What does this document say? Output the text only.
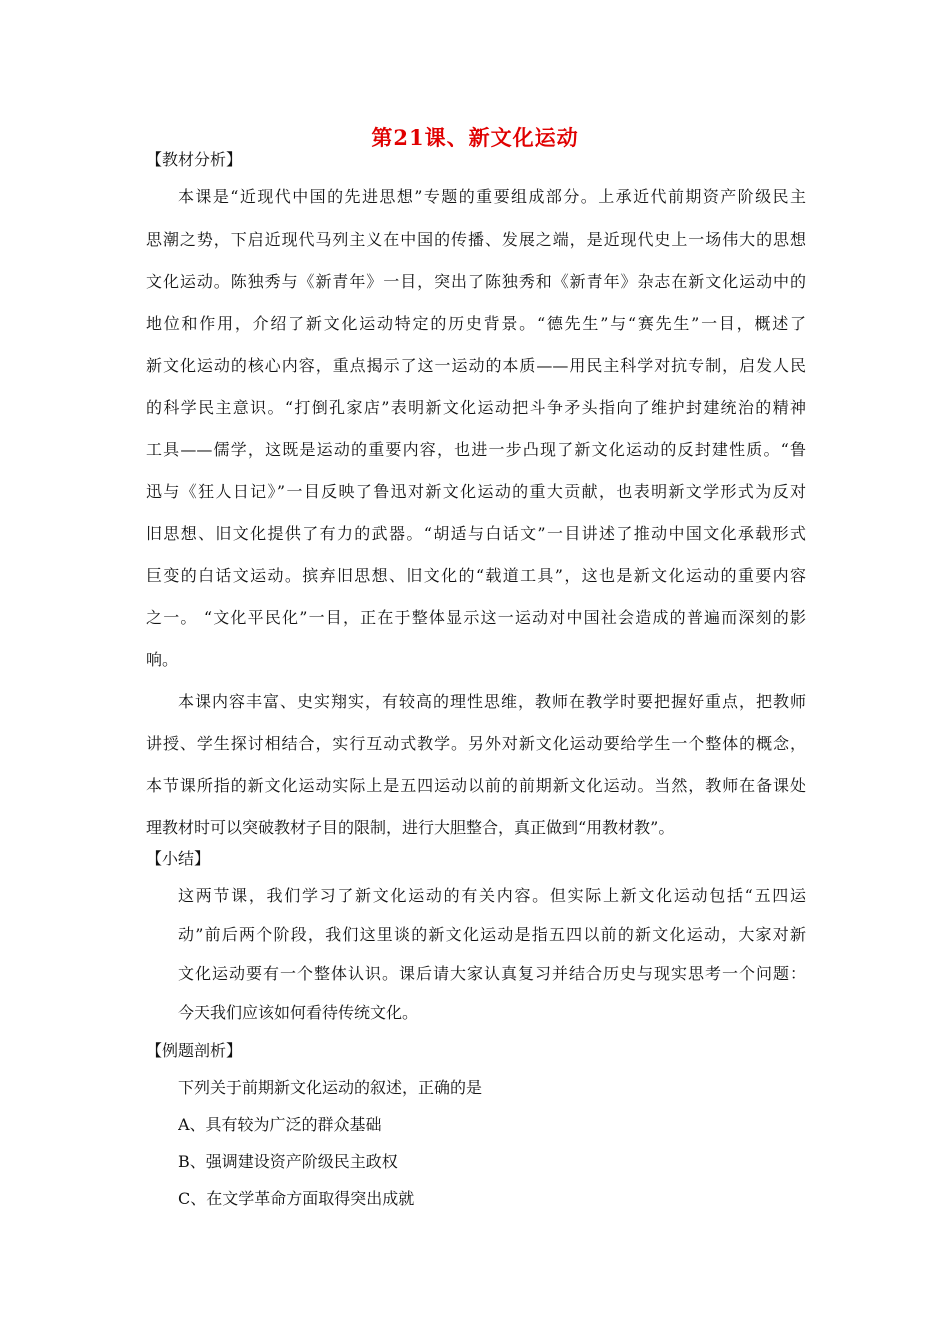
第21课、新文化运动
【教材分析】
本课是“近现代中国的先进思想”专题的重要组成部分。上承近代前期资产阶级民主
思潮之势，下启近现代马列主义在中国的传播、发展之端，是近现代史上一场伟大的思想
文化运动。陈独秀与《新青年》一目，突出了陈独秀和《新青年》杂志在新文化运动中的
地位和作用，介绍了新文化运动特定的历史背景。“德先生”与“赛先生”一目，概述了
新文化运动的核心内容，重点揭示了这一运动的本质——用民主科学对抗专制，启发人民
的科学民主意识。“打倒孔家店”表明新文化运动把斗争矛头指向了维护封建统治的精神
工具——儒学，这既是运动的重要内容，也进一步凸现了新文化运动的反封建性质。“鲁
迅与《狂人日记》”一目反映了鲁迅对新文化运动的重大贡献，也表明新文学形式为反对
旧思想、旧文化提供了有力的武器。“胡适与白话文”一目讲述了推动中国文化承载形式
巨变的白话文运动。摈弃旧思想、旧文化的“载道工具”，这也是新文化运动的重要内容
之一。 “文化平民化”一目，正在于整体显示这一运动对中国社会造成的普遍而深刻的影
响。
本课内容丰富、史实翔实，有较高的理性思维，教师在教学时要把握好重点，把教师
讲授、学生探讨相结合，实行互动式教学。另外对新文化运动要给学生一个整体的概念，
本节课所指的新文化运动实际上是五四运动以前的前期新文化运动。当然，教师在备课处
理教材时可以突破教材子目的限制，进行大胆整合，真正做到“用教材教”。
【小结】
这两节课，我们学习了新文化运动的有关内容。但实际上新文化运动包括“五四运
动”前后两个阶段，我们这里谈的新文化运动是指五四以前的新文化运动，大家对新
文化运动要有一个整体认识。课后请大家认真复习并结合历史与现实思考一个问题：
今天我们应该如何看待传统文化。
【例题剖析】
下列关于前期新文化运动的叙述，正确的是
A、具有较为广泛的群众基础
B、强调建设资产阶级民主政权
C、在文学革命方面取得突出成就
